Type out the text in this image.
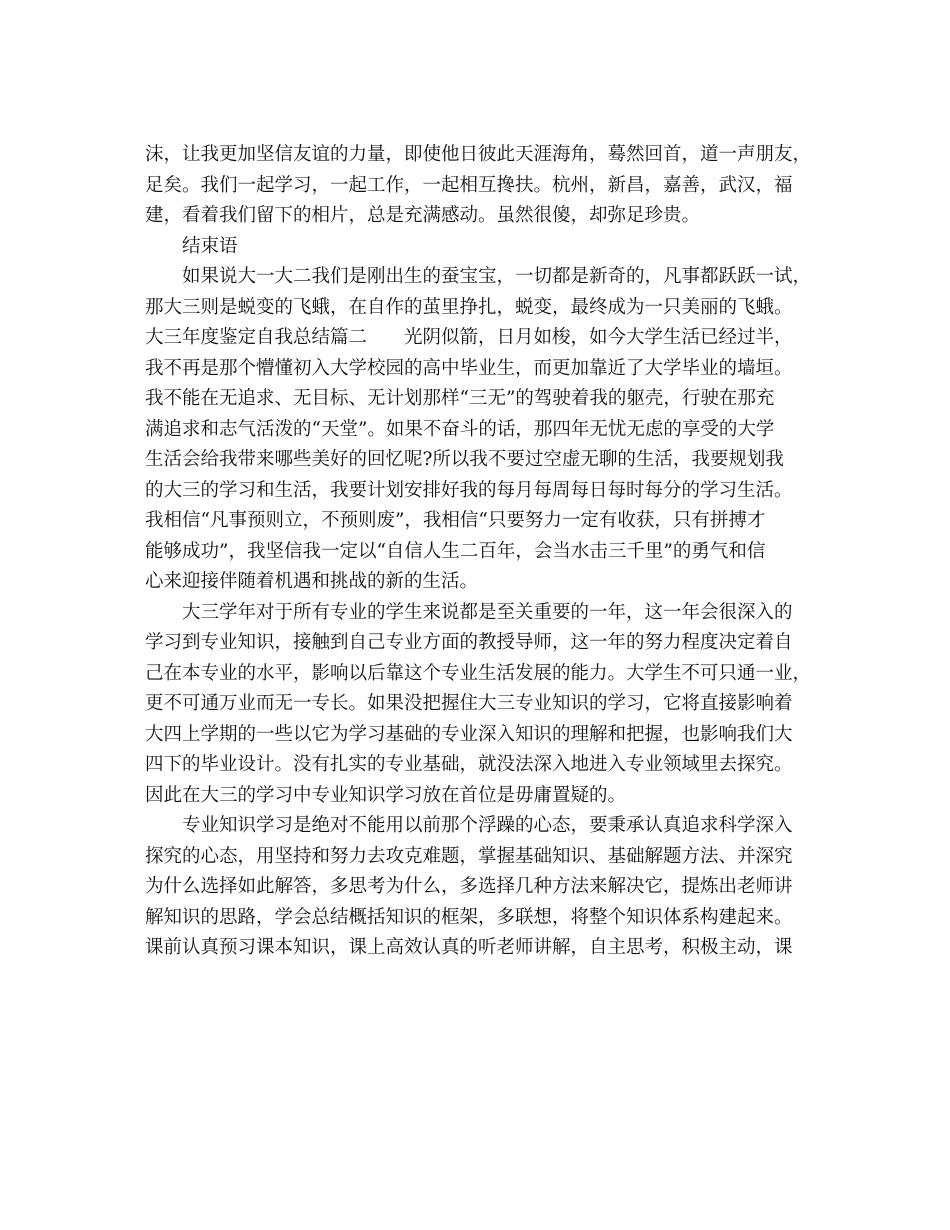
沫，让我更加坚信友谊的力量，即使他日彼此天涯海角，蓦然回首，道一声朋友，
足矣。我们一起学习，一起工作，一起相互搀扶。杭州，新昌，嘉善，武汉，福
建，看着我们留下的相片，总是充满感动。虽然很傻，却弥足珍贵。
结束语
如果说大一大二我们是刚出生的蚕宝宝，一切都是新奇的，凡事都跃跃一试，
那大三则是蜕变的飞蛾，在自作的茧里挣扎，蜕变，最终成为一只美丽的飞蛾。
大三年度鉴定自我总结篇二　　光阴似箭，日月如梭，如今大学生活已经过半，
我不再是那个懵懂初入大学校园的高中毕业生，而更加靠近了大学毕业的墙垣。
我不能在无追求、无目标、无计划那样“三无”的驾驶着我的躯壳，行驶在那充
满追求和志气活泼的“天堂”。如果不奋斗的话，那四年无忧无虑的享受的大学
生活会给我带来哪些美好的回忆呢?所以我不要过空虚无聊的生活，我要规划我
的大三的学习和生活，我要计划安排好我的每月每周每日每时每分的学习生活。
我相信“凡事预则立，不预则废”，我相信“只要努力一定有收获，只有拼搏才
能够成功”，我坚信我一定以“自信人生二百年，会当水击三千里”的勇气和信
心来迎接伴随着机遇和挑战的新的生活。
大三学年对于所有专业的学生来说都是至关重要的一年，这一年会很深入的
学习到专业知识，接触到自己专业方面的教授导师，这一年的努力程度决定着自
己在本专业的水平，影响以后靠这个专业生活发展的能力。大学生不可只通一业，
更不可通万业而无一专长。如果没把握住大三专业知识的学习，它将直接影响着
大四上学期的一些以它为学习基础的专业深入知识的理解和把握，也影响我们大
四下的毕业设计。没有扎实的专业基础，就没法深入地进入专业领域里去探究。
因此在大三的学习中专业知识学习放在首位是毋庸置疑的。
专业知识学习是绝对不能用以前那个浮躁的心态，要秉承认真追求科学深入
探究的心态，用坚持和努力去攻克难题，掌握基础知识、基础解题方法、并深究
为什么选择如此解答，多思考为什么，多选择几种方法来解决它，提炼出老师讲
解知识的思路，学会总结概括知识的框架，多联想，将整个知识体系构建起来。
课前认真预习课本知识，课上高效认真的听老师讲解，自主思考，积极主动，课
